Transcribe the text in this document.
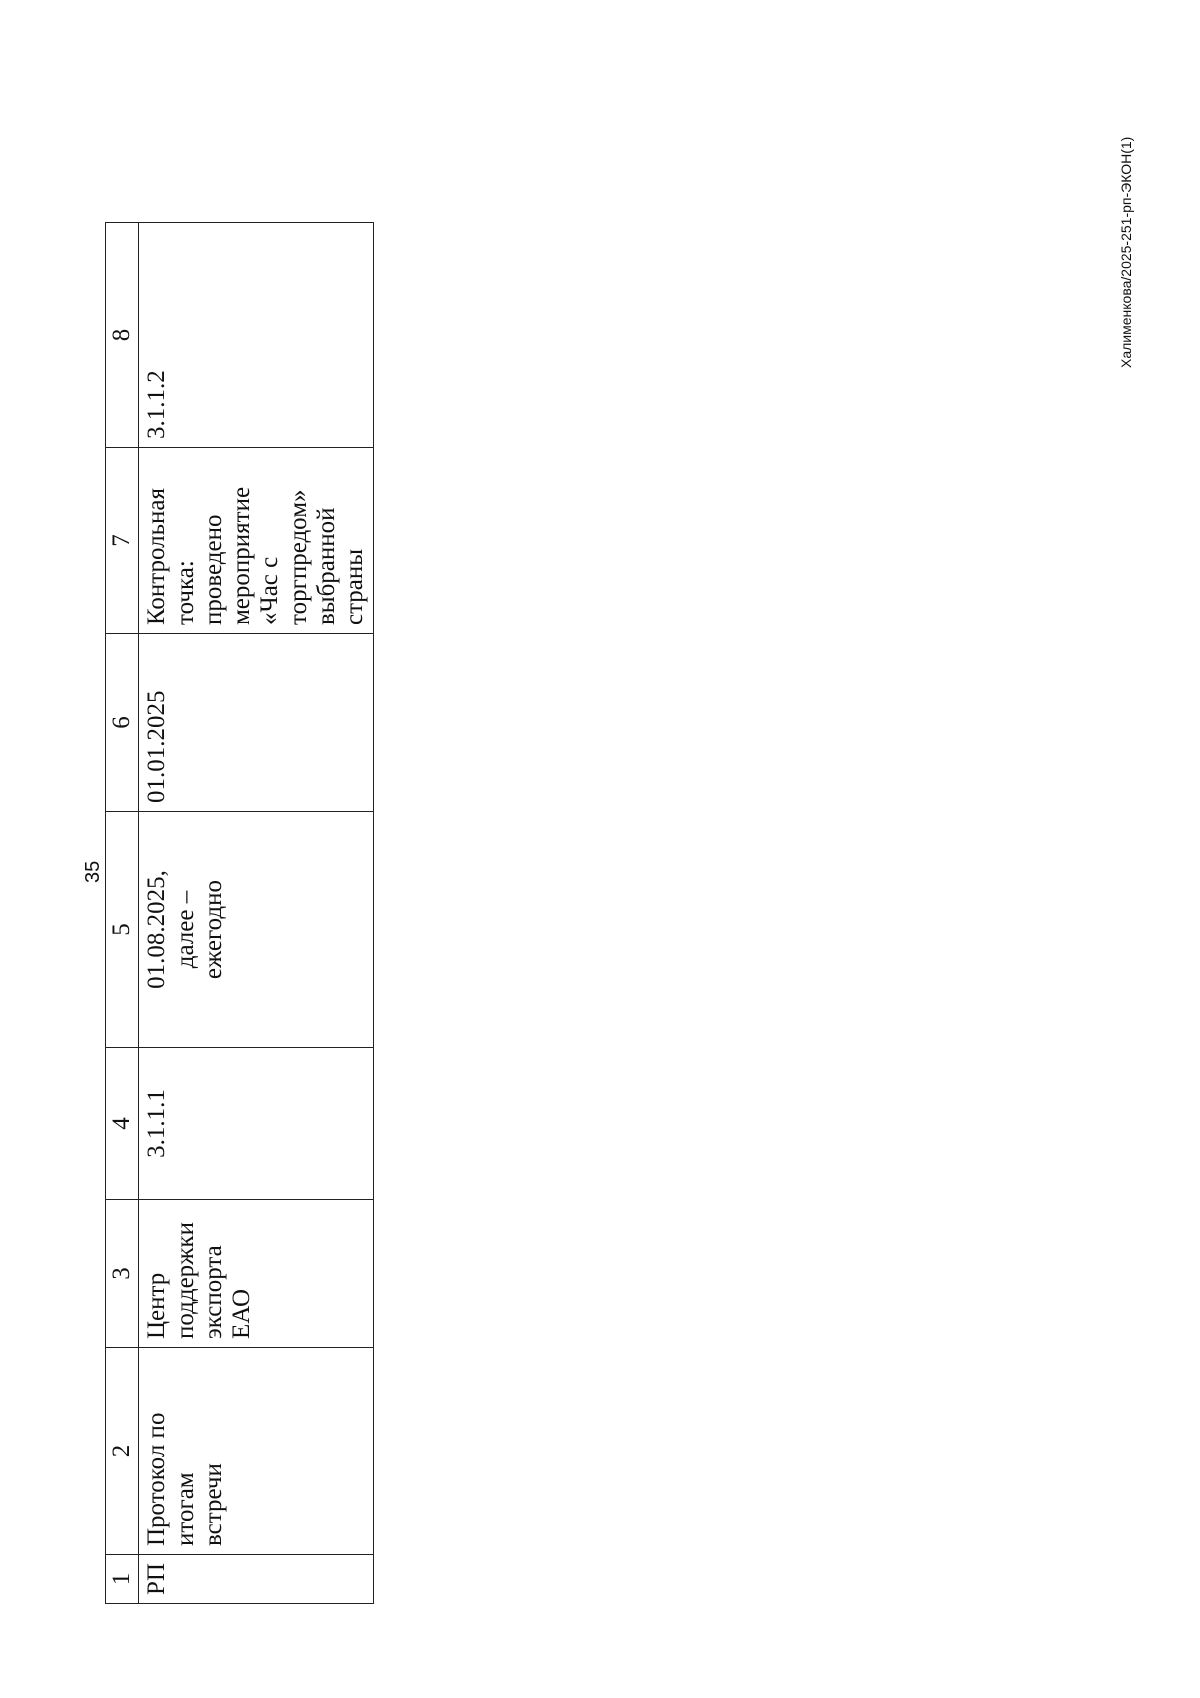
35
1	2	3	4	5	6	7	8

РП	Протокол по
итогам
встречи	Центр
поддержки
экспорта ЕАО	3.1.1.1	01.08.2025,
далее –
ежегодно	01.01.2025	Контрольная точка:
проведено
мероприятие «Час с
торгпредом»
выбранной страны	3.1.1.2
Халименкова/2025-251-рп-ЭКОН(1)
